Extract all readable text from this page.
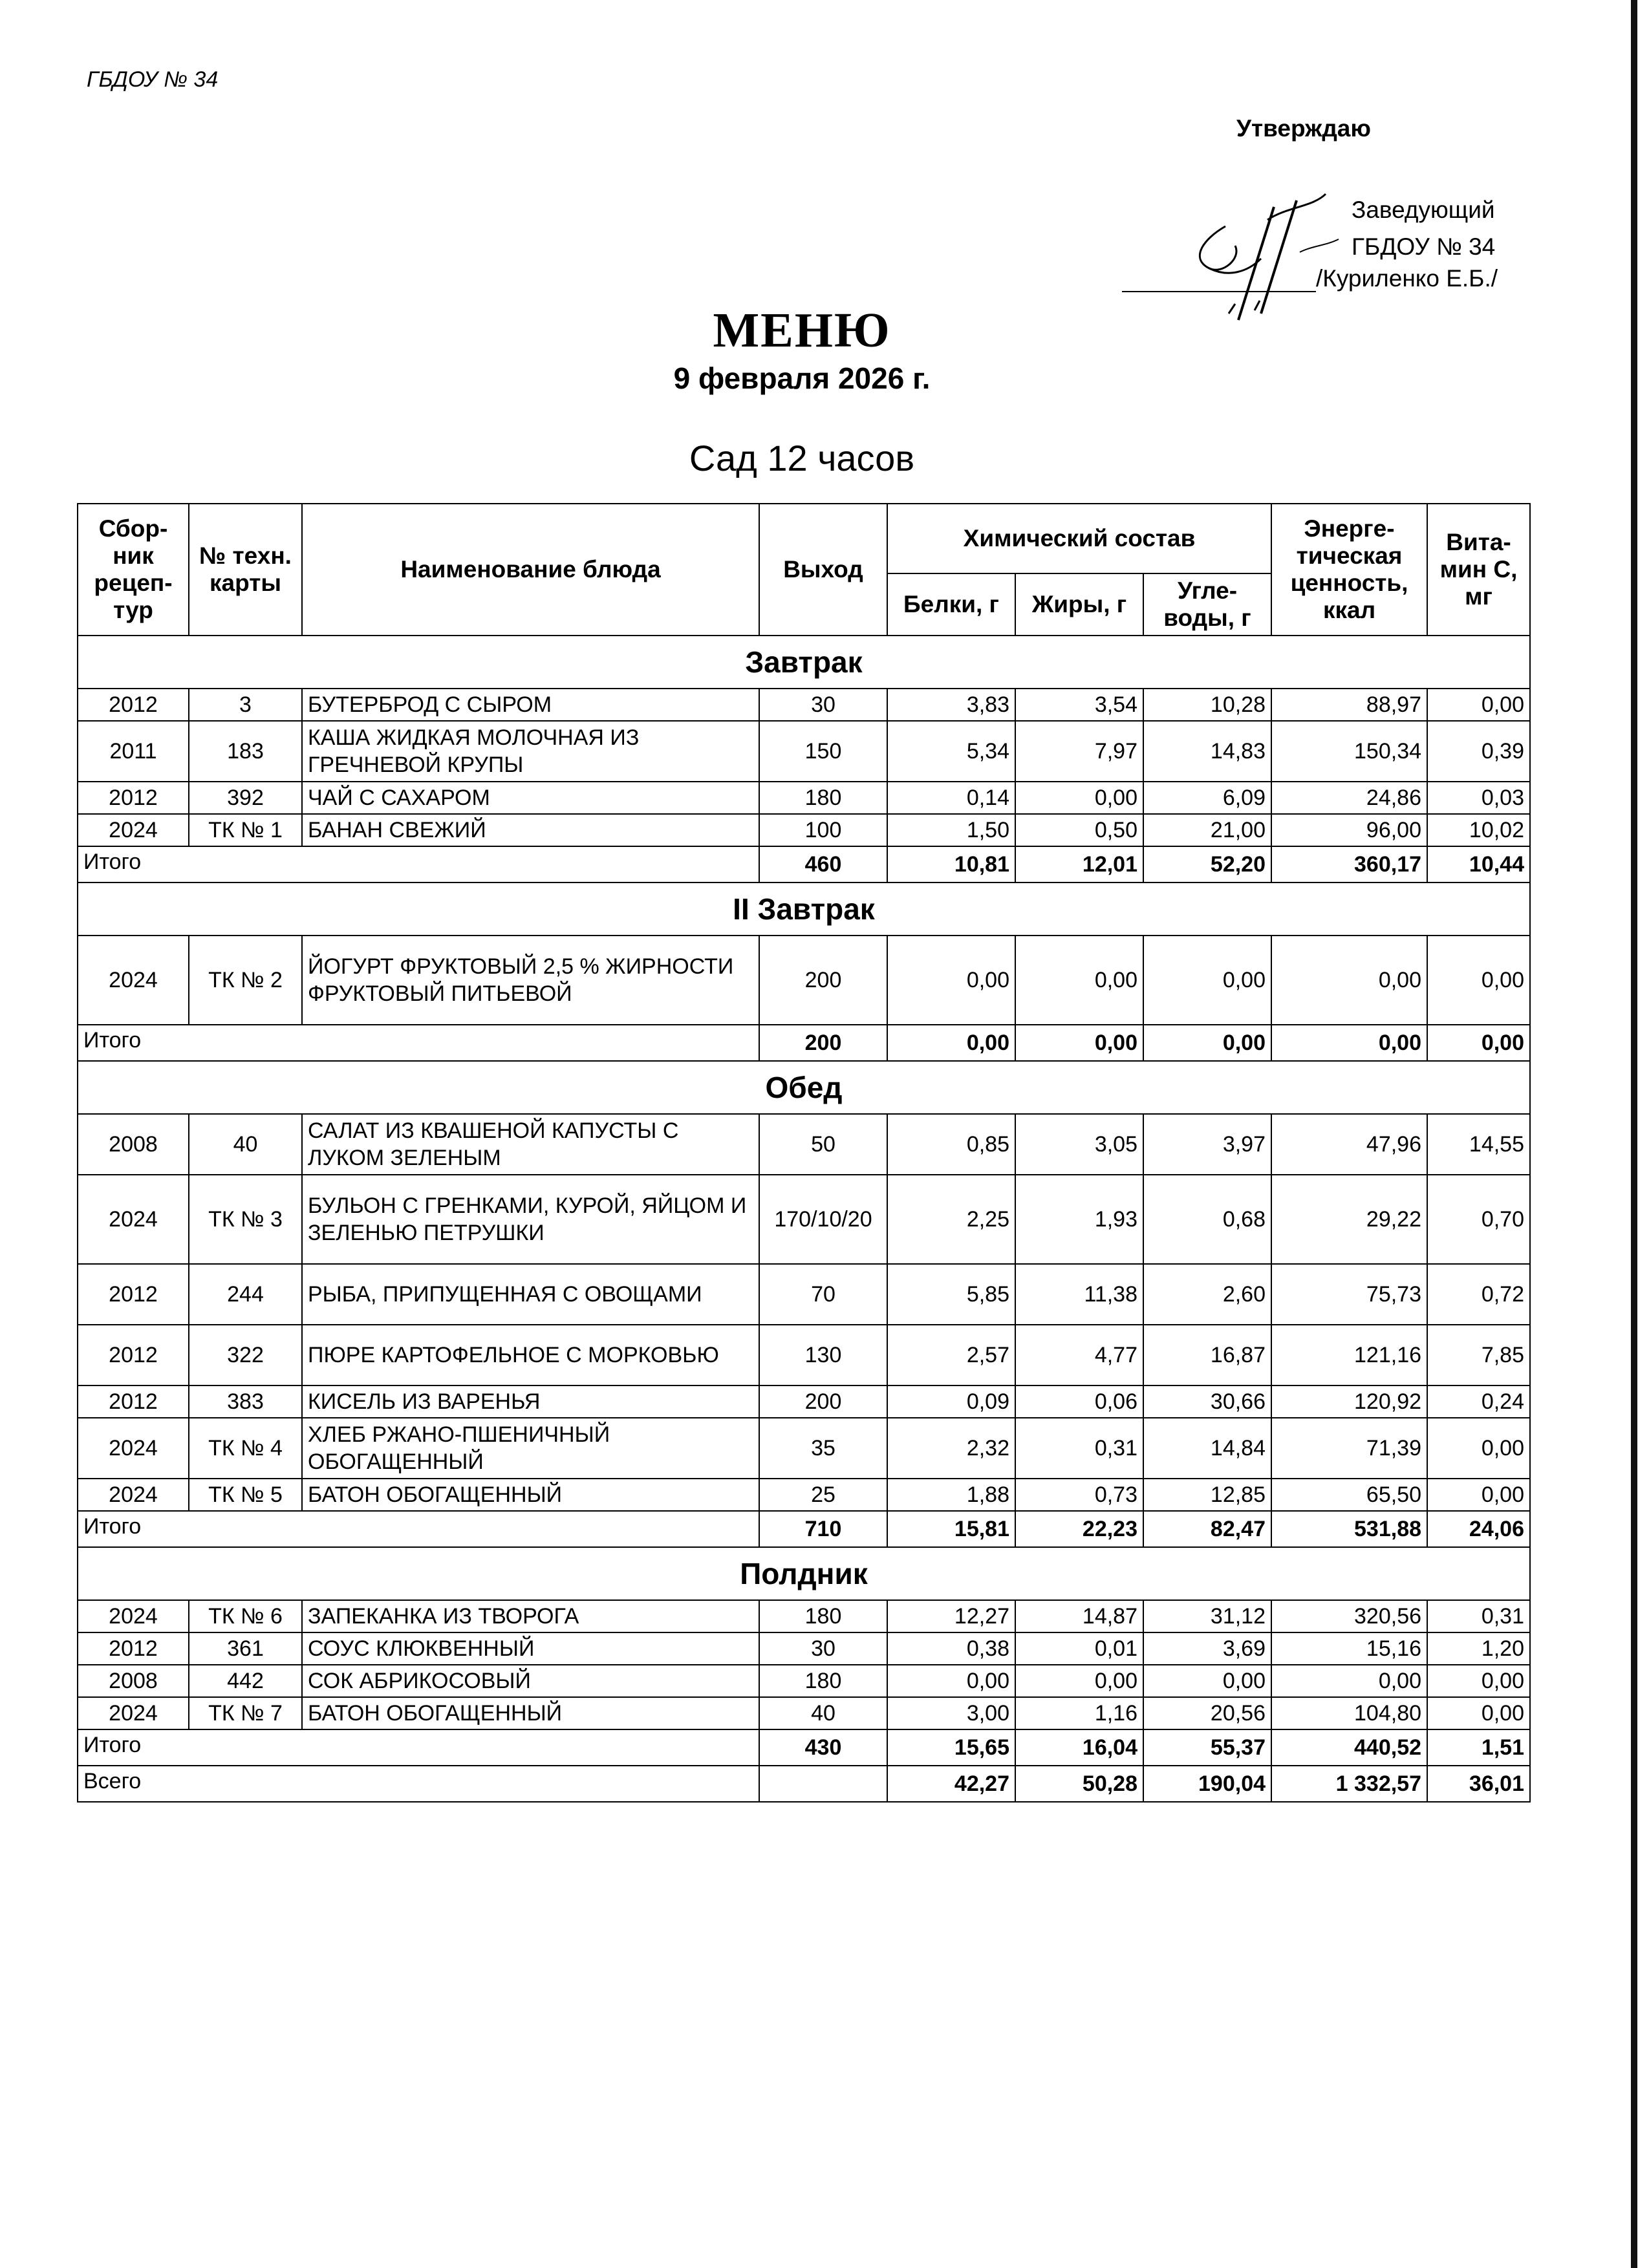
ГБДОУ № 34
Утверждаю
Заведующий
ГБДОУ № 34
/Куриленко Е.Б./
МЕНЮ
9 февраля 2026 г.
Сад 12 часов
Сбор-ник рецеп-тур	№ техн. карты	Наименование блюда	Выход	Химический состав			Энерге-тическая ценность, ккал	Вита-мин С, мг
				Белки, г	Жиры, г	Угле-воды, г		
Завтрак								
2012	3	БУТЕРБРОД С СЫРОМ	30	3,83	3,54	10,28	88,97	0,00
2011	183	КАША ЖИДКАЯ МОЛОЧНАЯ ИЗ ГРЕЧНЕВОЙ КРУПЫ	150	5,34	7,97	14,83	150,34	0,39
2012	392	ЧАЙ С САХАРОМ	180	0,14	0,00	6,09	24,86	0,03
2024	ТК № 1	БАНАН СВЕЖИЙ	100	1,50	0,50	21,00	96,00	10,02
Итого			460	10,81	12,01	52,20	360,17	10,44
II Завтрак								
2024	ТК № 2	ЙОГУРТ ФРУКТОВЫЙ 2,5 % ЖИРНОСТИ ФРУКТОВЫЙ ПИТЬЕВОЙ	200	0,00	0,00	0,00	0,00	0,00
Итого			200	0,00	0,00	0,00	0,00	0,00
Обед								
2008	40	САЛАТ ИЗ КВАШЕНОЙ КАПУСТЫ С ЛУКОМ ЗЕЛЕНЫМ	50	0,85	3,05	3,97	47,96	14,55
2024	ТК № 3	БУЛЬОН С ГРЕНКАМИ, КУРОЙ, ЯЙЦОМ И ЗЕЛЕНЬЮ ПЕТРУШКИ	170/10/20	2,25	1,93	0,68	29,22	0,70
2012	244	РЫБА, ПРИПУЩЕННАЯ С ОВОЩАМИ	70	5,85	11,38	2,60	75,73	0,72
2012	322	ПЮРЕ КАРТОФЕЛЬНОЕ С МОРКОВЬЮ	130	2,57	4,77	16,87	121,16	7,85
2012	383	КИСЕЛЬ ИЗ ВАРЕНЬЯ	200	0,09	0,06	30,66	120,92	0,24
2024	ТК № 4	ХЛЕБ РЖАНО-ПШЕНИЧНЫЙ ОБОГАЩЕННЫЙ	35	2,32	0,31	14,84	71,39	0,00
2024	ТК № 5	БАТОН ОБОГАЩЕННЫЙ	25	1,88	0,73	12,85	65,50	0,00
Итого			710	15,81	22,23	82,47	531,88	24,06
Полдник								
2024	ТК № 6	ЗАПЕКАНКА ИЗ ТВОРОГА	180	12,27	14,87	31,12	320,56	0,31
2012	361	СОУС КЛЮКВЕННЫЙ	30	0,38	0,01	3,69	15,16	1,20
2008	442	СОК АБРИКОСОВЫЙ	180	0,00	0,00	0,00	0,00	0,00
2024	ТК № 7	БАТОН ОБОГАЩЕННЫЙ	40	3,00	1,16	20,56	104,80	0,00
Итого			430	15,65	16,04	55,37	440,52	1,51
Всего				42,27	50,28	190,04	1 332,57	36,01
